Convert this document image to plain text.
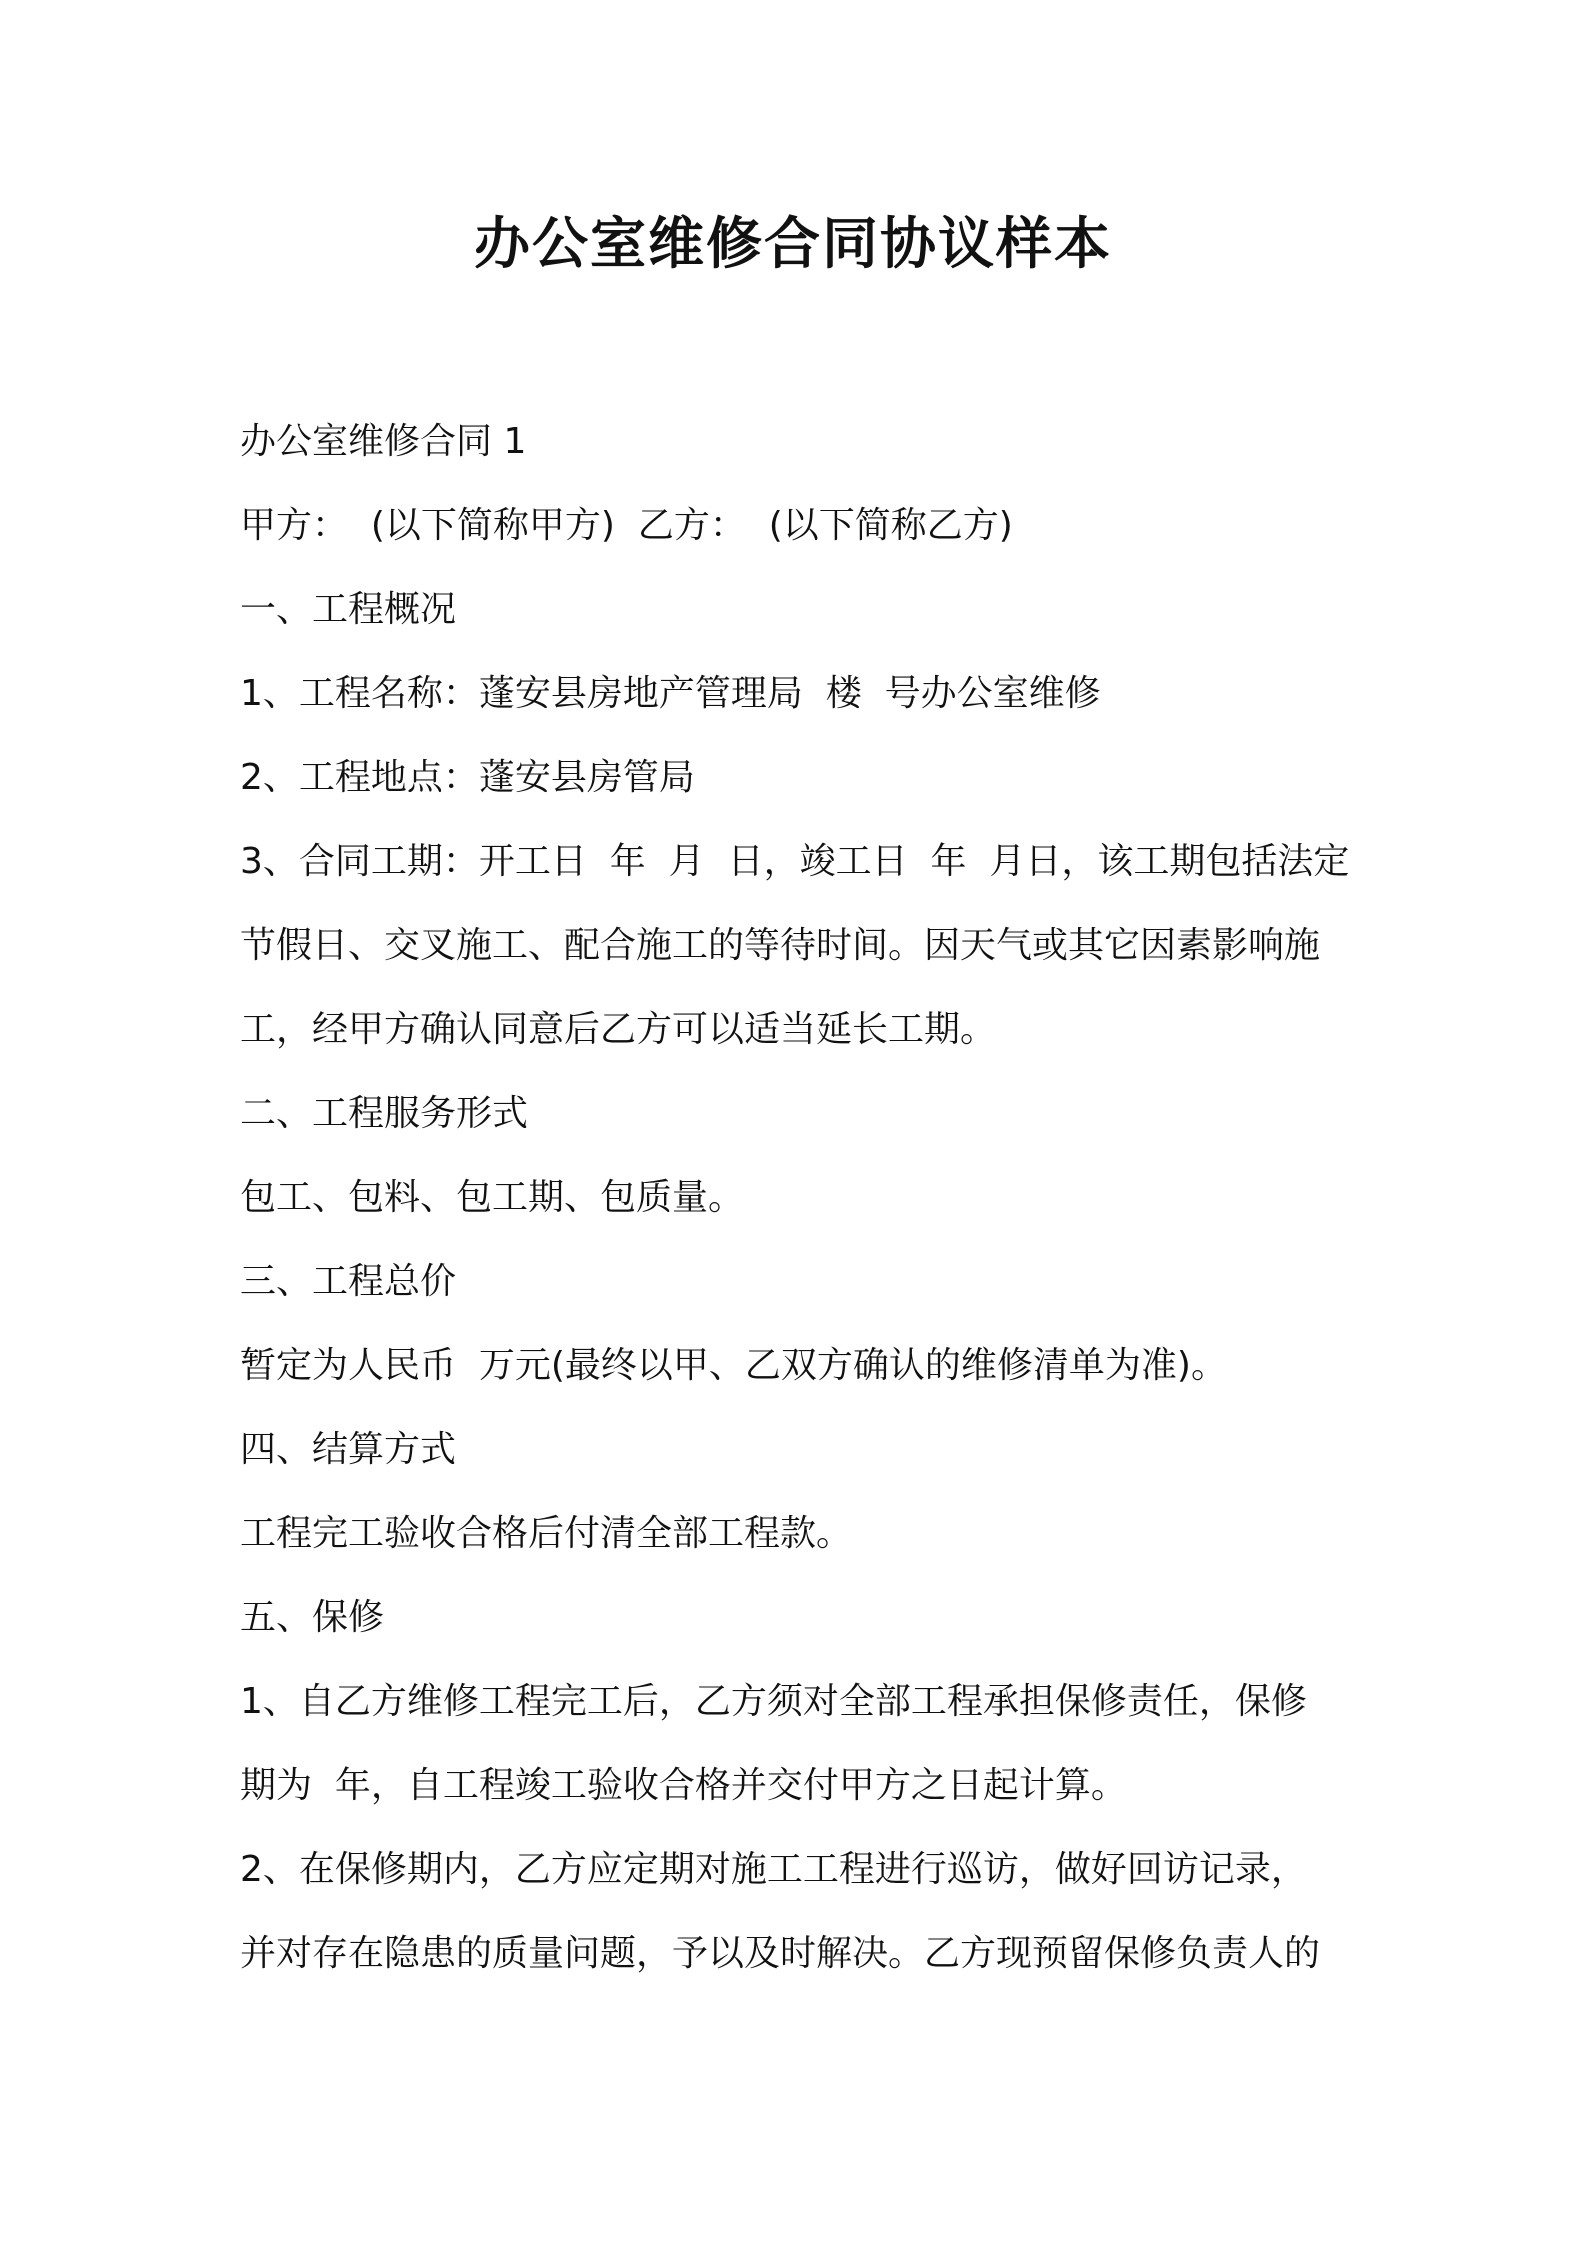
办公室维修合同协议样本

办公室维修合同 1

甲方：  (以下简称甲方)  乙方：  (以下简称乙方)

一、工程概况

1、工程名称：蓬安县房地产管理局  楼  号办公室维修

2、工程地点：蓬安县房管局

3、合同工期：开工日  年  月  日，竣工日  年  月日，该工期包括法定

节假日、交叉施工、配合施工的等待时间。因天气或其它因素影响施

工，经甲方确认同意后乙方可以适当延长工期。

二、工程服务形式

包工、包料、包工期、包质量。

三、工程总价

暂定为人民币  万元(最终以甲、乙双方确认的维修清单为准)。

四、结算方式

工程完工验收合格后付清全部工程款。

五、保修

1、自乙方维修工程完工后，乙方须对全部工程承担保修责任，保修

期为  年，自工程竣工验收合格并交付甲方之日起计算。

2、在保修期内，乙方应定期对施工工程进行巡访，做好回访记录，

并对存在隐患的质量问题，予以及时解决。乙方现预留保修负责人的
